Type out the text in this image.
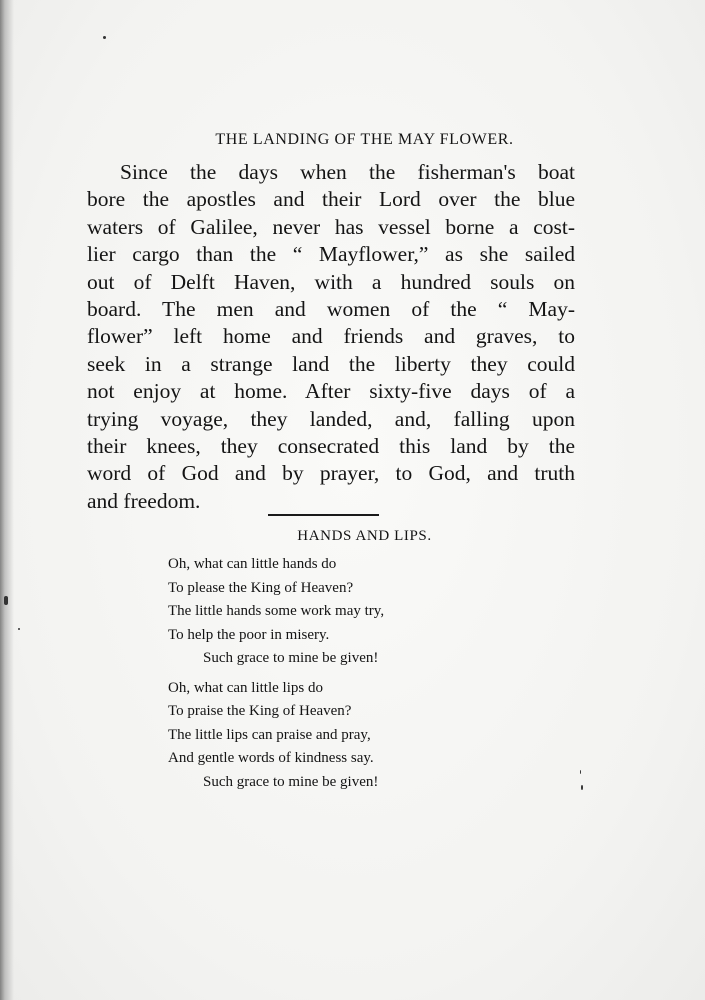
THE LANDING OF THE MAY FLOWER.
Since the days when the fisherman's boat
bore the apostles and their Lord over the blue
waters of Galilee, never has vessel borne a cost-
lier cargo than the “ Mayflower,” as she sailed
out of Delft Haven, with a hundred souls on
board. The men and women of the “ May-
flower” left home and friends and graves, to
seek in a strange land the liberty they could
not enjoy at home. After sixty-five days of a
trying voyage, they landed, and, falling upon
their knees, they consecrated this land by the
word of God and by prayer, to God, and truth
and freedom.
HANDS AND LIPS.
Oh, what can little hands do
To please the King of Heaven?
The little hands some work may try,
To help the poor in misery.
Such grace to mine be given!
Oh, what can little lips do
To praise the King of Heaven?
The little lips can praise and pray,
And gentle words of kindness say.
Such grace to mine be given!
